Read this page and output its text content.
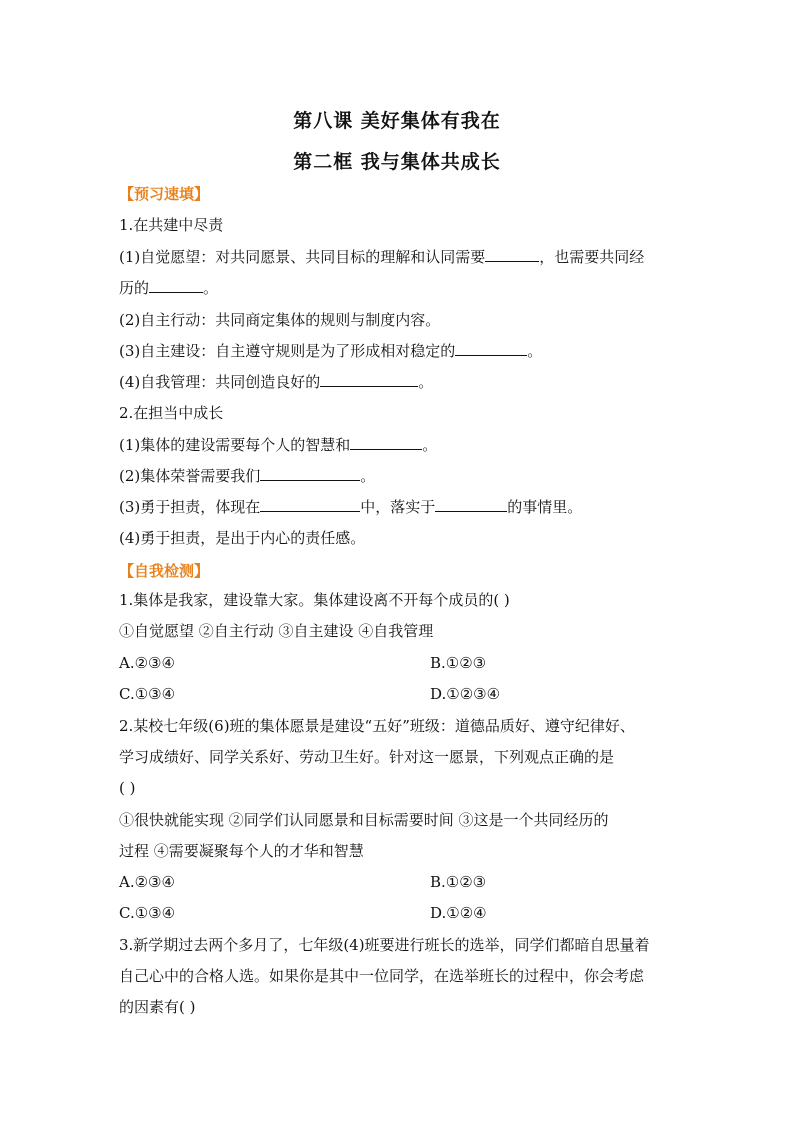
第八课 美好集体有我在
第二框 我与集体共成长
【预习速填】
1.在共建中尽责
(1)自觉愿望：对共同愿景、共同目标的理解和认同需要	，也需要共同经
历的	。
(2)自主行动：共同商定集体的规则与制度内容。
(3)自主建设：自主遵守规则是为了形成相对稳定的	。
(4)自我管理：共同创造良好的	。
2.在担当中成长
(1)集体的建设需要每个人的智慧和	。
(2)集体荣誉需要我们	。
(3)勇于担责，体现在	中，落实于	的事情里。
(4)勇于担责，是出于内心的责任感。
【自我检测】
1.集体是我家，建设靠大家。集体建设离不开每个成员的( )
①自觉愿望 ②自主行动 ③自主建设 ④自我管理
A.②③④	B.①②③
C.①③④	D.①②③④
2.某校七年级(6)班的集体愿景是建设“五好”班级：道德品质好、遵守纪律好、
学习成绩好、同学关系好、劳动卫生好。针对这一愿景，下列观点正确的是
( )
①很快就能实现 ②同学们认同愿景和目标需要时间 ③这是一个共同经历的
过程 ④需要凝聚每个人的才华和智慧
A.②③④	B.①②③
C.①③④	D.①②④
3.新学期过去两个多月了，七年级(4)班要进行班长的选举，同学们都暗自思量着
自己心中的合格人选。如果你是其中一位同学，在选举班长的过程中，你会考虑
的因素有( )
